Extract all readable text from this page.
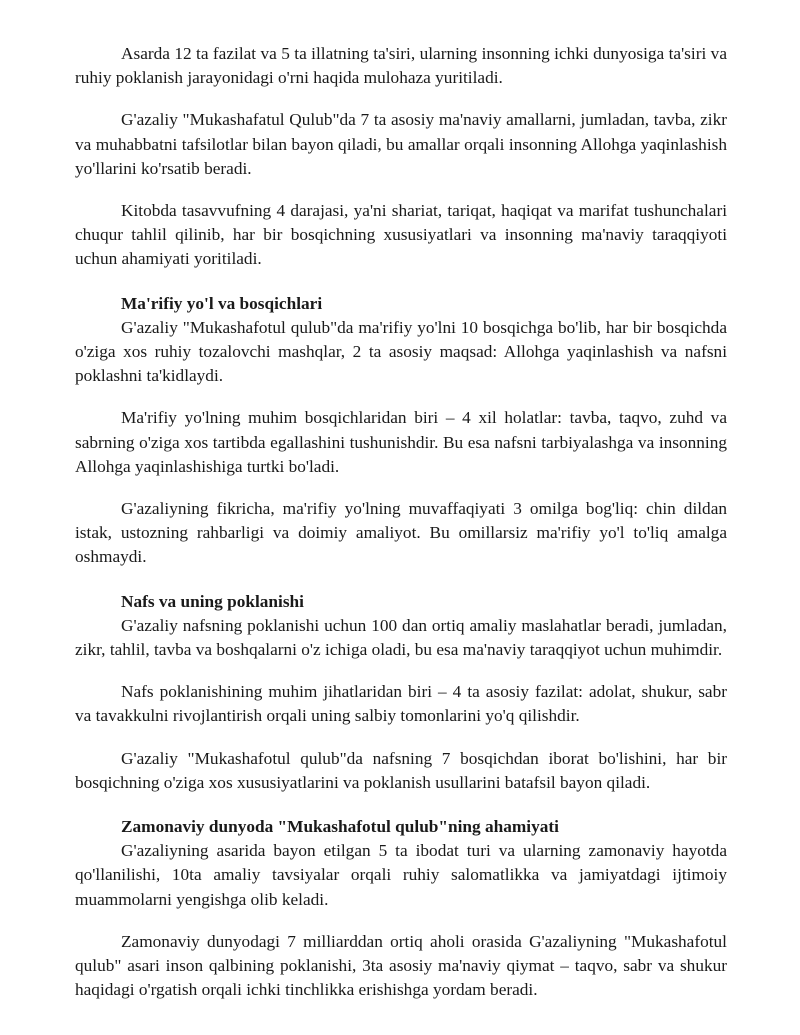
Asarda 12 ta fazilat va 5 ta illatning ta'siri, ularning insonning ichki dunyosiga ta'siri va ruhiy poklanish jarayonidagi o'rni haqida mulohaza yuritiladi.

G'azaliy "Mukashafatul Qulub"da 7 ta asosiy ma'naviy amallarni, jumladan, tavba, zikr va muhabbatni tafsilotlar bilan bayon qiladi, bu amallar orqali insonning Allohga yaqinlashish yo'llarini ko'rsatib beradi.

Kitobda tasavvufning 4 darajasi, ya'ni shariat, tariqat, haqiqat va marifat tushunchalari chuqur tahlil qilinib, har bir bosqichning xususiyatlari va insonning ma'naviy taraqqiyoti uchun ahamiyati yoritiladi.

Ma'rifiy yo'l va bosqichlari

G'azaliy "Mukashafotul qulub"da ma'rifiy yo'lni 10 bosqichga bo'lib, har bir bosqichda o'ziga xos ruhiy tozalovchi mashqlar, 2 ta asosiy maqsad: Allohga yaqinlashish va nafsni poklashni ta'kidlaydi.

Ma'rifiy yo'lning muhim bosqichlaridan biri – 4 xil holatlar: tavba, taqvo, zuhd va sabrning o'ziga xos tartibda egallashini tushunishdir. Bu esa nafsni tarbiyalashga va insonning Allohga yaqinlashishiga turtki bo'ladi.

G'azaliyning fikricha, ma'rifiy yo'lning muvaffaqiyati 3 omilga bog'liq: chin dildan istak, ustozning rahbarligi va doimiy amaliyot. Bu omillarsiz ma'rifiy yo'l to'liq amalga oshmaydi.

Nafs va uning poklanishi

G'azaliy nafsning poklanishi uchun 100 dan ortiq amaliy maslahatlar beradi, jumladan, zikr, tahlil, tavba va boshqalarni o'z ichiga oladi, bu esa ma'naviy taraqqiyot uchun muhimdir.

Nafs poklanishining muhim jihatlaridan biri – 4 ta asosiy fazilat: adolat, shukur, sabr va tavakkulni rivojlantirish orqali uning salbiy tomonlarini yo'q qilishdir.

G'azaliy "Mukashafotul qulub"da nafsning 7 bosqichdan iborat bo'lishini, har bir bosqichning o'ziga xos xususiyatlarini va poklanish usullarini batafsil bayon qiladi.

Zamonaviy dunyoda "Mukashafotul qulub"ning ahamiyati

G'azaliyning asarida bayon etilgan 5 ta ibodat turi va ularning zamonaviy hayotda qo'llanilishi, 10ta amaliy tavsiyalar orqali ruhiy salomatlikka va jamiyatdagi ijtimoiy muammolarni yengishga olib keladi.

Zamonaviy dunyodagi 7 milliarddan ortiq aholi orasida G'azaliyning "Mukashafotul qulub" asari inson qalbining poklanishi, 3ta asosiy ma'naviy qiymat – taqvo, sabr va shukur haqidagi o'rgatish orqali ichki tinchlikka erishishga yordam beradi.
